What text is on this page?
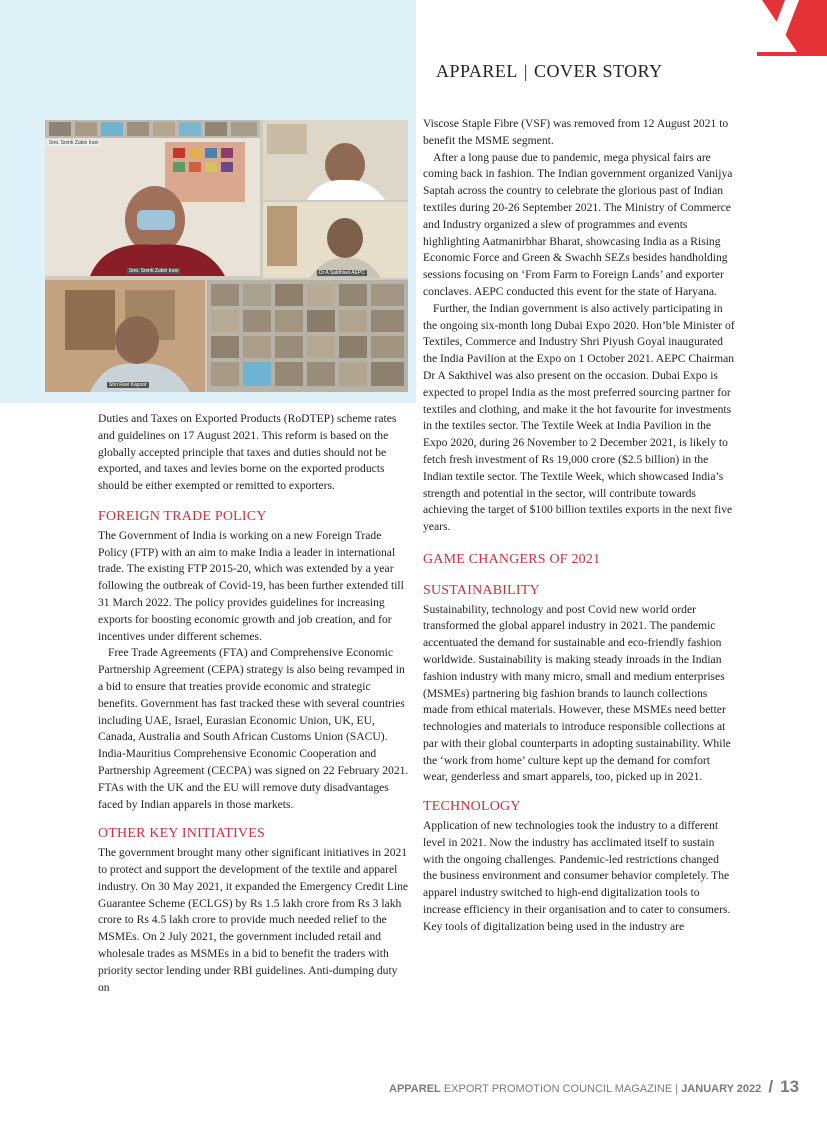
APPAREL | COVER STORY
Smt. Smriti Zubin Irani
Smt. Smriti Zubin Irani	Dr A Sakthivel AEPC
Shri Ravi Kapoor

Duties and Taxes on Exported Products (RoDTEP) scheme rates and guidelines on 17 August 2021. This reform is based on the globally accepted principle that taxes and duties should not be exported, and taxes and levies borne on the exported products should be either exempted or remitted to exporters.

FOREIGN TRADE POLICY

The Government of India is working on a new Foreign Trade Policy (FTP) with an aim to make India a leader in international trade. The existing FTP 2015-20, which was extended by a year following the outbreak of Covid-19, has been further extended till 31 March 2022. The policy provides guidelines for increasing exports for boosting economic growth and job creation, and for incentives under different schemes.

Free Trade Agreements (FTA) and Comprehensive Economic Partnership Agreement (CEPA) strategy is also being revamped in a bid to ensure that treaties provide economic and strategic benefits. Government has fast tracked these with several countries including UAE, Israel, Eurasian Economic Union, UK, EU, Canada, Australia and South African Customs Union (SACU). India-Mauritius Comprehensive Economic Cooperation and Partnership Agreement (CECPA) was signed on 22 February 2021. FTAs with the UK and the EU will remove duty disadvantages faced by Indian apparels in those markets.

OTHER KEY INITIATIVES

The government brought many other significant initiatives in 2021 to protect and support the development of the textile and apparel industry. On 30 May 2021, it expanded the Emergency Credit Line Guarantee Scheme (ECLGS) by Rs 1.5 lakh crore from Rs 3 lakh crore to Rs 4.5 lakh crore to provide much needed relief to the MSMEs. On 2 July 2021, the government included retail and wholesale trades as MSMEs in a bid to benefit the traders with priority sector lending under RBI guidelines. Anti-dumping duty on

Viscose Staple Fibre (VSF) was removed from 12 August 2021 to benefit the MSME segment.

After a long pause due to pandemic, mega physical fairs are coming back in fashion. The Indian government organized Vanijya Saptah across the country to celebrate the glorious past of Indian textiles during 20-26 September 2021. The Ministry of Commerce and Industry organized a slew of programmes and events highlighting Aatmanirbhar Bharat, showcasing India as a Rising Economic Force and Green & Swachh SEZs besides handholding sessions focusing on ‘From Farm to Foreign Lands’ and exporter conclaves. AEPC conducted this event for the state of Haryana.

Further, the Indian government is also actively participating in the ongoing six-month long Dubai Expo 2020. Hon’ble Minister of Textiles, Commerce and Industry Shri Piyush Goyal inaugurated the India Pavilion at the Expo on 1 October 2021. AEPC Chairman Dr A Sakthivel was also present on the occasion. Dubai Expo is expected to propel India as the most preferred sourcing partner for textiles and clothing, and make it the hot favourite for investments in the textiles sector. The Textile Week at India Pavilion in the Expo 2020, during 26 November to 2 December 2021, is likely to fetch fresh investment of Rs 19,000 crore ($2.5 billion) in the Indian textile sector. The Textile Week, which showcased India’s strength and potential in the sector, will contribute towards achieving the target of $100 billion textiles exports in the next five years.

GAME CHANGERS OF 2021
SUSTAINABILITY

Sustainability, technology and post Covid new world order transformed the global apparel industry in 2021. The pandemic accentuated the demand for sustainable and eco-friendly fashion worldwide. Sustainability is making steady inroads in the Indian fashion industry with many micro, small and medium enterprises (MSMEs) partnering big fashion brands to launch collections made from ethical materials. However, these MSMEs need better technologies and materials to introduce responsible collections at par with their global counterparts in adopting sustainability. While the ‘work from home’ culture kept up the demand for comfort wear, genderless and smart apparels, too, picked up in 2021.

TECHNOLOGY

Application of new technologies took the industry to a different level in 2021. Now the industry has acclimated itself to sustain with the ongoing challenges. Pandemic-led restrictions changed the business environment and consumer behavior completely. The apparel industry switched to high-end digitalization tools to increase efficiency in their organisation and to cater to consumers. Key tools of digitalization being used in the industry are

APPAREL EXPORT PROMOTION COUNCIL MAGAZINE | JANUARY 2022 / 13
